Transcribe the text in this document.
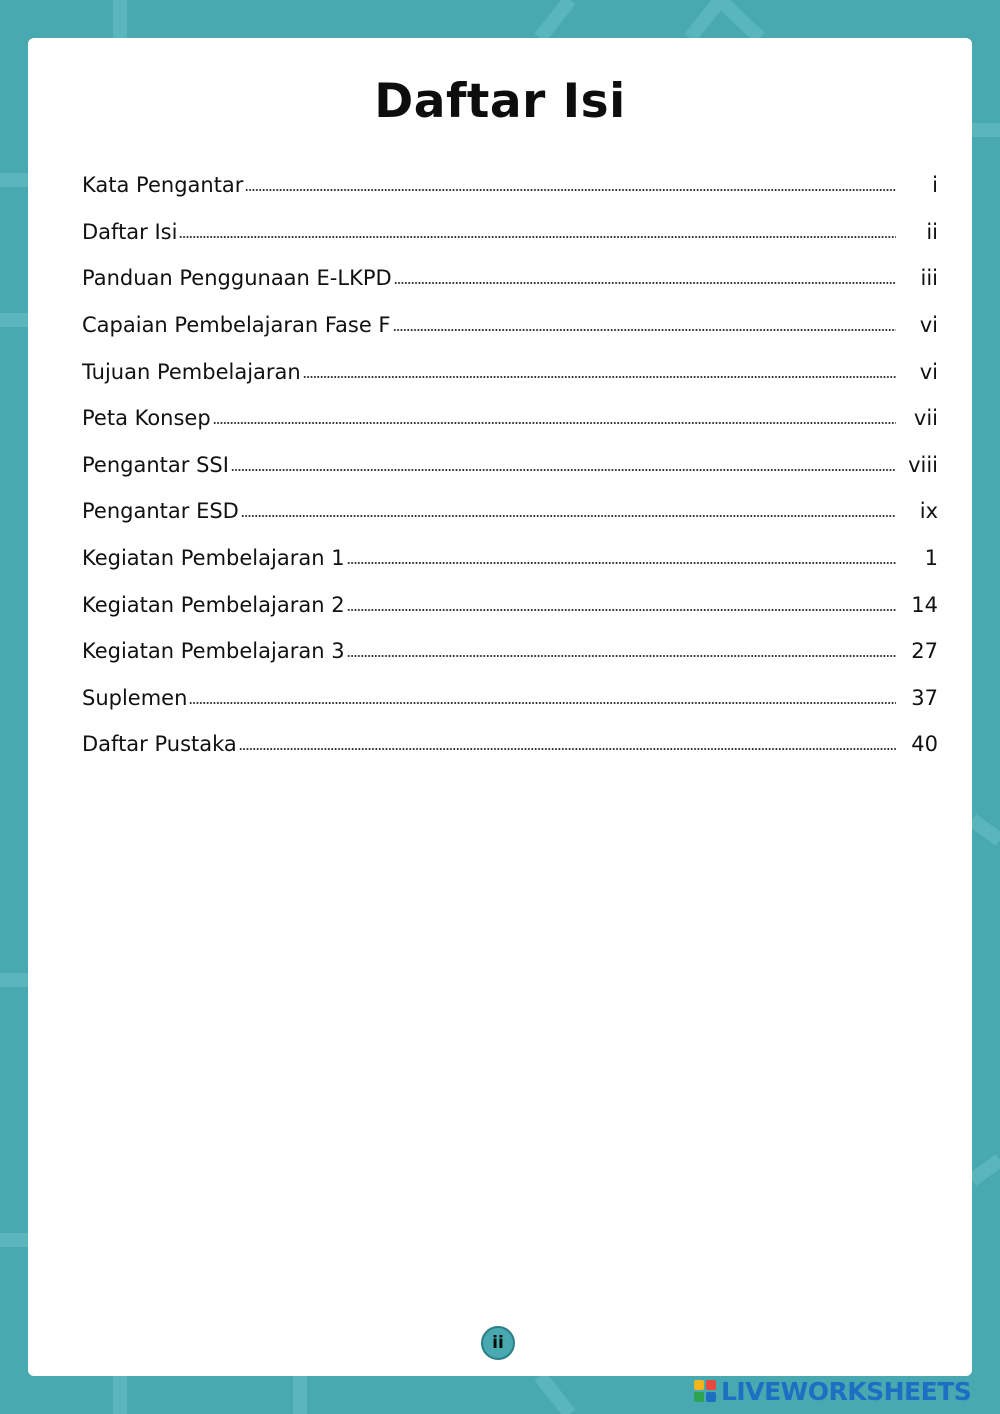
Daftar Isi
Kata Pengantar	i
Daftar Isi	ii
Panduan Penggunaan E-LKPD	iii
Capaian Pembelajaran Fase F	vi
Tujuan Pembelajaran	vi
Peta Konsep	vii
Pengantar SSI	viii
Pengantar ESD	ix
Kegiatan Pembelajaran 1	1
Kegiatan Pembelajaran 2	14
Kegiatan Pembelajaran 3	27
Suplemen	37
Daftar Pustaka	40
ii
LIVEWORKSHEETS
